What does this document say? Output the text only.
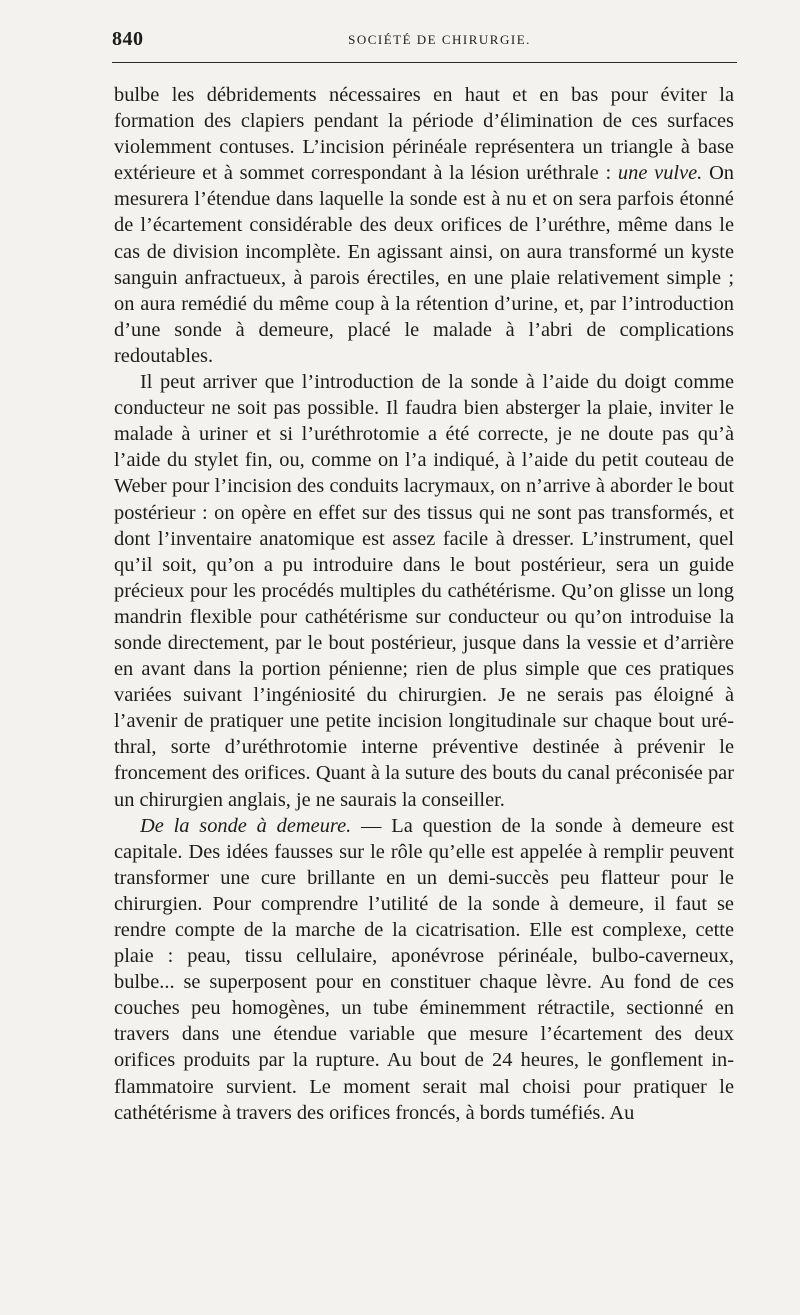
840	SOCIÉTÉ DE CHIRURGIE.

bulbe les débridements nécessaires en haut et en bas pour éviter la formation des clapiers pendant la période d’élimination de ces surfaces violemment contuses. L’incision périnéale représentera un triangle à base extérieure et à sommet correspondant à la lésion uréthrale : une vulve. On mesurera l’étendue dans laquelle la sonde est à nu et on sera parfois étonné de l’écartement considérable des deux orifices de l’uréthre, même dans le cas de division incomplète. En agissant ainsi, on aura transformé un kyste sanguin anfractueux, à parois érectiles, en une plaie relativement simple ; on aura remédié du même coup à la rétention d’urine, et, par l’introduction d’une sonde à demeure, placé le malade à l’abri de complications redoutables.

Il peut arriver que l’introduction de la sonde à l’aide du doigt comme conducteur ne soit pas possible. Il faudra bien absterger la plaie, inviter le malade à uriner et si l’uréthrotomie a été correcte, je ne doute pas qu’à l’aide du stylet fin, ou, comme on l’a indiqué, à l’aide du petit couteau de Weber pour l’incision des conduits lacrymaux, on n’arrive à aborder le bout postérieur : on opère en effet sur des tissus qui ne sont pas transformés, et dont l’inventaire anatomique est assez facile à dresser. L’instrument, quel qu’il soit, qu’on a pu introduire dans le bout postérieur, sera un guide précieux pour les procédés multiples du cathétérisme. Qu’on glisse un long mandrin flexible pour cathétérisme sur conducteur ou qu’on introduise la sonde directement, par le bout postérieur, jusque dans la vessie et d’arrière en avant dans la portion pénienne; rien de plus simple que ces pratiques variées suivant l’ingéniosité du chirurgien. Je ne serais pas éloigné à l’avenir de pratiquer une petite incision longitudinale sur chaque bout uréthral, sorte d’uréthrotomie interne préventive destinée à prévenir le froncement des orifices. Quant à la suture des bouts du canal préconisée par un chirurgien anglais, je ne saurais la conseiller.

De la sonde à demeure. — La question de la sonde à demeure est capitale. Des idées fausses sur le rôle qu’elle est appelée à remplir peuvent transformer une cure brillante en un demi-succès peu flatteur pour le chirurgien. Pour comprendre l’utilité de la sonde à demeure, il faut se rendre compte de la marche de la cicatrisation. Elle est complexe, cette plaie : peau, tissu cellulaire, aponévrose périnéale, bulbo-caverneux, bulbe... se superposent pour en constituer chaque lèvre. Au fond de ces couches peu homogènes, un tube éminemment rétractile, sectionné en travers dans une étendue variable que mesure l’écartement des deux orifices produits par la rupture. Au bout de 24 heures, le gonflement inflammatoire survient. Le moment serait mal choisi pour pratiquer le cathétérisme à travers des orifices froncés, à bords tuméfiés. Au
